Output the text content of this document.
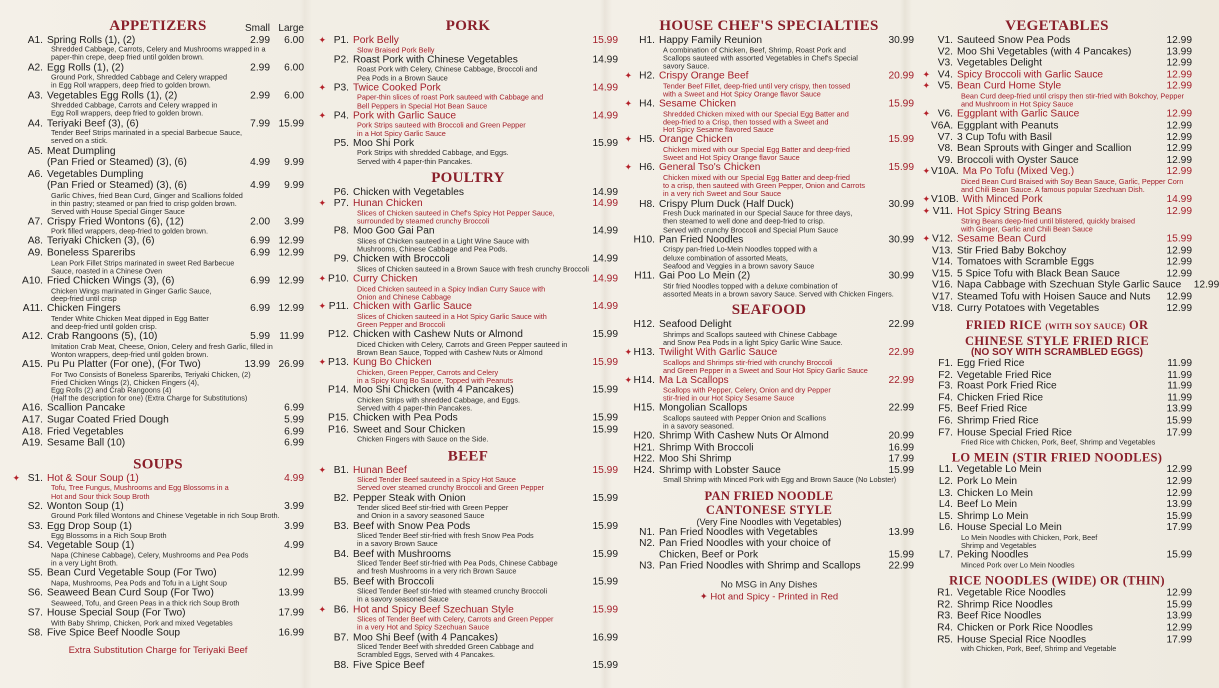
APPETIZERS	Small Large
A1. Spring Rolls (1), (2)	2.99	6.00
Shredded Cabbage, Carrots, Celery and Mushrooms wrapped in a
paper-thin crepe, deep fried until golden brown.
A2. Egg Rolls (1), (2)	2.99	6.00
Ground Pork, Shredded Cabbage and Celery wrapped
in Egg Roll wrappers, deep fried to golden brown.
A3. Vegetables Egg Rolls (1), (2)	2.99	6.00
Shredded Cabbage, Carrots and Celery wrapped in
Egg Roll wrappers, deep fried to golden brown.
A4. Teriyaki Beef (3), (6)	7.99 15.99
Tender Beef Strips marinated in a special Barbecue Sauce,
served on a stick.
A5. Meat Dumpling
(Pan Fried or Steamed) (3), (6)	4.99	9.99
A6. Vegetables Dumpling
(Pan Fried or Steamed) (3), (6)	4.99	9.99
Garlic Chives, fried Bean Curd, Ginger and Scallions folded
in thin pastry; steamed or pan fried to crisp golden brown.
Served with House Special Ginger Sauce
A7. Crispy Fried Wontons (6), (12)	2.00	3.99
Pork filled wrappers, deep-fried to golden brown.
A8. Teriyaki Chicken (3), (6)	6.99 12.99
A9. Boneless Spareribs	6.99 12.99
Lean Pork Fillet Strips marinated in sweet Red Barbecue
Sauce, roasted in a Chinese Oven
A10. Fried Chicken Wings (3), (6)	6.99 12.99
Chicken Wings marinated in Ginger Garlic Sauce,
deep-fried until crisp
A11. Chicken Fingers	6.99 12.99
Tender White Chicken Meat dipped in Egg Batter
and deep-fried until golden crisp.
A12. Crab Rangoons (5), (10)	5.99 11.99
Imitation Crab Meat, Cheese, Onion, Celery and fresh Garlic, filled in
Wonton wrappers, deep-fried until golden brown.
A15. Pu Pu Platter (For one), (For Two)	13.99 26.99
For Two Consists of Boneless Spareribs, Teriyaki Chicken, (2)
Fried Chicken Wings (2), Chicken Fingers (4),
Egg Rolls (2) and Crab Rangoons (4)
(Half the description for one) (Extra Charge for Substitutions)
A16. Scallion Pancake	6.99
A17. Sugar Coated Fried Dough	5.99
A18. Fried Vegetables	6.99
A19. Sesame Ball (10)	6.99
SOUPS
✦ S1. Hot & Sour Soup (1)	4.99
Tofu, Tree Fungus, Mushrooms and Egg Blossoms in a
Hot and Sour thick Soup Broth
S2. Wonton Soup (1)	3.99
Ground Pork filled Wontons and Chinese Vegetable in rich Soup Broth.
S3. Egg Drop Soup (1)	3.99
Egg Blossoms in a Rich Soup Broth
S4. Vegetable Soup (1)	4.99
Napa (Chinese Cabbage), Celery, Mushrooms and Pea Pods
in a very Light Broth.
S5. Bean Curd Vegetable Soup (For Two)	12.99
Napa, Mushrooms, Pea Pods and Tofu in a Light Soup
S6. Seaweed Bean Curd Soup (For Two)	13.99
Seaweed, Tofu, and Green Peas in a thick rich Soup Broth
S7. House Special Soup (For Two)	17.99
With Baby Shrimp, Chicken, Pork and mixed Vegetables
S8. Five Spice Beef Noodle Soup	16.99
Extra Substitution Charge for Teriyaki Beef
PORK
✦ P1. Pork Belly	15.99
Slow Braised Pork Belly
P2. Roast Pork with Chinese Vegetables	14.99
Roast Pork with Celery, Chinese Cabbage, Broccoli and
Pea Pods in a Brown Sauce
✦ P3. Twice Cooked Pork	14.99
Paper-thin slices of roast Pork sauteed with Cabbage and
Bell Peppers in Special Hot Bean Sauce
✦ P4. Pork with Garlic Sauce	14.99
Pork Strips sauteed with Broccoli and Green Pepper
in a Hot Spicy Garlic Sauce
P5. Moo Shi Pork	15.99
Pork Strips with shredded Cabbage, and Eggs.
Served with 4 paper-thin Pancakes.
POULTRY
P6. Chicken with Vegetables	14.99
✦ P7. Hunan Chicken	14.99
Slices of Chicken sauteed in Chef's Spicy Hot Pepper Sauce,
surrounded by steamed crunchy Broccoli
P8. Moo Goo Gai Pan	14.99
Slices of Chicken sauteed in a Light Wine Sauce with
Mushrooms, Chinese Cabbage and Pea Pods.
P9. Chicken with Broccoli	14.99
Slices of Chicken sauteed in a Brown Sauce with fresh crunchy Broccoli
✦ P10. Curry Chicken	14.99
Diced Chicken sauteed in a Spicy Indian Curry Sauce with
Onion and Chinese Cabbage
✦ P11. Chicken with Garlic Sauce	14.99
Slices of Chicken sauteed in a Hot Spicy Garlic Sauce with
Green Pepper and Broccoli
P12. Chicken with Cashew Nuts or Almond	15.99
Diced Chicken with Celery, Carrots and Green Pepper sauteed in
Brown Bean Sauce, Topped with Cashew Nuts or Almond
✦ P13. Kung Bo Chicken	15.99
Chicken, Green Pepper, Carrots and Celery
in a Spicy Kung Bo Sauce, Topped with Peanuts
P14. Moo Shi Chicken (with 4 Pancakes)	15.99
Chicken Strips with shredded Cabbage, and Eggs.
Served with 4 paper-thin Pancakes.
P15. Chicken with Pea Pods	15.99
P16. Sweet and Sour Chicken	15.99
Chicken Fingers with Sauce on the Side.
BEEF
✦ B1. Hunan Beef	15.99
Sliced Tender Beef sauteed in a Spicy Hot Sauce
Served over steamed crunchy Broccoli and Green Pepper
B2. Pepper Steak with Onion	15.99
Tender sliced Beef stir-fried with Green Pepper
and Onion in a savory seasoned Sauce
B3. Beef with Snow Pea Pods	15.99
Sliced Tender Beef stir-fried with fresh Snow Pea Pods
in a savory Brown Sauce
B4. Beef with Mushrooms	15.99
Sliced Tender Beef stir-fried with Pea Pods, Chinese Cabbage
and fresh Mushrooms in a very rich Brown Sauce
B5. Beef with Broccoli	15.99
Sliced Tender Beef stir-fried with steamed crunchy Broccoli
in a savory seasoned Sauce
✦ B6. Hot and Spicy Beef Szechuan Style	15.99
Slices of Tender Beef with Celery, Carrots and Green Pepper
in a very Hot and Spicy Szechuan Sauce
B7. Moo Shi Beef (with 4 Pancakes)	16.99
Sliced Tender Beef with shredded Green Cabbage and
Scrambled Eggs, Served with 4 Pancakes.
B8. Five Spice Beef	15.99
HOUSE CHEF'S SPECIALTIES
H1. Happy Family Reunion	30.99
A combination of Chicken, Beef, Shrimp, Roast Pork and
Scallops sauteed with assorted Vegetables in Chef's Special
savory Sauce.
✦ H2. Crispy Orange Beef	20.99
Tender Beef Fillet, deep-fried until very crispy, then tossed
with a Sweet and Hot Spicy Orange flavor Sauce
✦ H4. Sesame Chicken	15.99
Shredded Chicken mixed with our Special Egg Batter and
deep-fried to a Crisp, then tossed with a Sweet and
Hot Spicy Sesame flavored Sauce
✦ H5. Orange Chicken	15.99
Chicken mixed with our Special Egg Batter and deep-fried
Sweet and Hot Spicy Orange flavor Sauce
✦ H6. General Tso's Chicken	15.99
Chicken mixed with our Special Egg Batter and deep-fried
to a crisp, then sauteed with Green Pepper, Onion and Carrots
in a very rich Sweet and Sour Sauce
H8. Crispy Plum Duck (Half Duck)	30.99
Fresh Duck marinated in our Special Sauce for three days,
then steamed to well done and deep-fried to crisp.
Served with crunchy Broccoli and Special Plum Sauce
H10. Pan Fried Noodles	30.99
Crispy pan-fried Lo-Mein Noodles topped with a
deluxe combination of assorted Meats,
Seafood and Veggies in a brown savory Sauce
H11. Gai Poo Lo Mein (2)	30.99
Stir fried Noodles topped with a deluxe combination of
assorted Meats in a brown savory Sauce. Served with Chicken Fingers.
SEAFOOD
H12. Seafood Delight	22.99
Shrimps and Scallops sauteed with Chinese Cabbage
and Snow Pea Pods in a light Spicy Garlic Wine Sauce.
✦ H13. Twilight With Garlic Sauce	22.99
Scallops and Shrimps stir-fried with crunchy Broccoli
and Green Pepper in a Sweet and Sour Hot Spicy Garlic Sauce
✦ H14. Ma La Scallops	22.99
Scallops with Pepper, Celery, Onion and dry Pepper
stir-fried in our Hot Spicy Sesame Sauce
H15. Mongolian Scallops	22.99
Scallops sauteed with Pepper Onion and Scallions
in a savory seasoned.
H20. Shrimp With Cashew Nuts Or Almond	20.99
H21. Shrimp With Broccoli	16.99
H22. Moo Shi Shrimp	17.99
H24. Shrimp with Lobster Sauce	15.99
Small Shrimp with Minced Pork with Egg and Brown Sauce (No Lobster)
PAN FRIED NOODLE
CANTONESE STYLE
(Very Fine Noodles with Vegetables)
N1. Pan Fried Noodles with Vegetables	13.99
N2. Pan Fried Noodles with your choice of
Chicken, Beef or Pork	15.99
N3. Pan Fried Noodles with Shrimp and Scallops	22.99
No MSG in Any Dishes
✦ Hot and Spicy - Printed in Red
VEGETABLES
V1. Sauteed Snow Pea Pods	12.99
V2. Moo Shi Vegetables (with 4 Pancakes)	13.99
V3. Vegetables Delight	12.99
✦ V4. Spicy Broccoli with Garlic Sauce	12.99
✦ V5. Bean Curd Home Style	12.99
Bean Curd deep-fried until crispy then stir-fried with Bokchoy, Pepper
and Mushroom in Hot Spicy Sauce
✦ V6. Eggplant with Garlic Sauce	12.99
V6A. Eggplant with Peanuts	12.99
V7. 3 Cup Tofu with Basil	12.99
V8. Bean Sprouts with Ginger and Scallion	12.99
V9. Broccoli with Oyster Sauce	12.99
✦ V10A. Ma Po Tofu (Mixed Veg.)	12.99
Diced Bean Curd Braised with Soy Bean Sauce, Garlic, Pepper Corn
and Chili Bean Sauce. A famous popular Szechuan Dish.
✦ V10B. With Minced Pork	14.99
✦ V11. Hot Spicy String Beans	12.99
String Beans deep-fried until blistered, quickly braised
with Ginger, Garlic and Chili Bean Sauce
✦ V12. Sesame Bean Curd	15.99
V13. Stir Fried Baby Bokchoy	12.99
V14. Tomatoes with Scramble Eggs	12.99
V15. 5 Spice Tofu with Black Bean Sauce	12.99
V16. Napa Cabbage with Szechuan Style Garlic Sauce	12.99
V17. Steamed Tofu with Hoisen Sauce and Nuts	12.99
V18. Curry Potatoes with Vegetables	12.99
FRIED RICE (WITH SOY SAUCE) OR
CHINESE STYLE FRIED RICE
(NO SOY WITH SCRAMBLED EGGS)
F1. Egg Fried Rice	11.99
F2. Vegetable Fried Rice	11.99
F3. Roast Pork Fried Rice	11.99
F4. Chicken Fried Rice	11.99
F5. Beef Fried Rice	13.99
F6. Shrimp Fried Rice	15.99
F7. House Special Fried Rice	17.99
Fried Rice with Chicken, Pork, Beef, Shrimp and Vegetables
LO MEIN (STIR FRIED NOODLES)
L1. Vegetable Lo Mein	12.99
L2. Pork Lo Mein	12.99
L3. Chicken Lo Mein	12.99
L4. Beef Lo Mein	13.99
L5. Shrimp Lo Mein	15.99
L6. House Special Lo Mein	17.99
Lo Mein Noodles with Chicken, Pork, Beef
Shrimp and Vegetables
L7. Peking Noodles	15.99
Minced Pork over Lo Mein Noodles
RICE NOODLES (WIDE) OR (THIN)
R1. Vegetable Rice Noodles	12.99
R2. Shrimp Rice Noodles	15.99
R3. Beef Rice Noodles	13.99
R4. Chicken or Pork Rice Noodles	12.99
R5. House Special Rice Noodles	17.99
with Chicken, Pork, Beef, Shrimp and Vegetable
